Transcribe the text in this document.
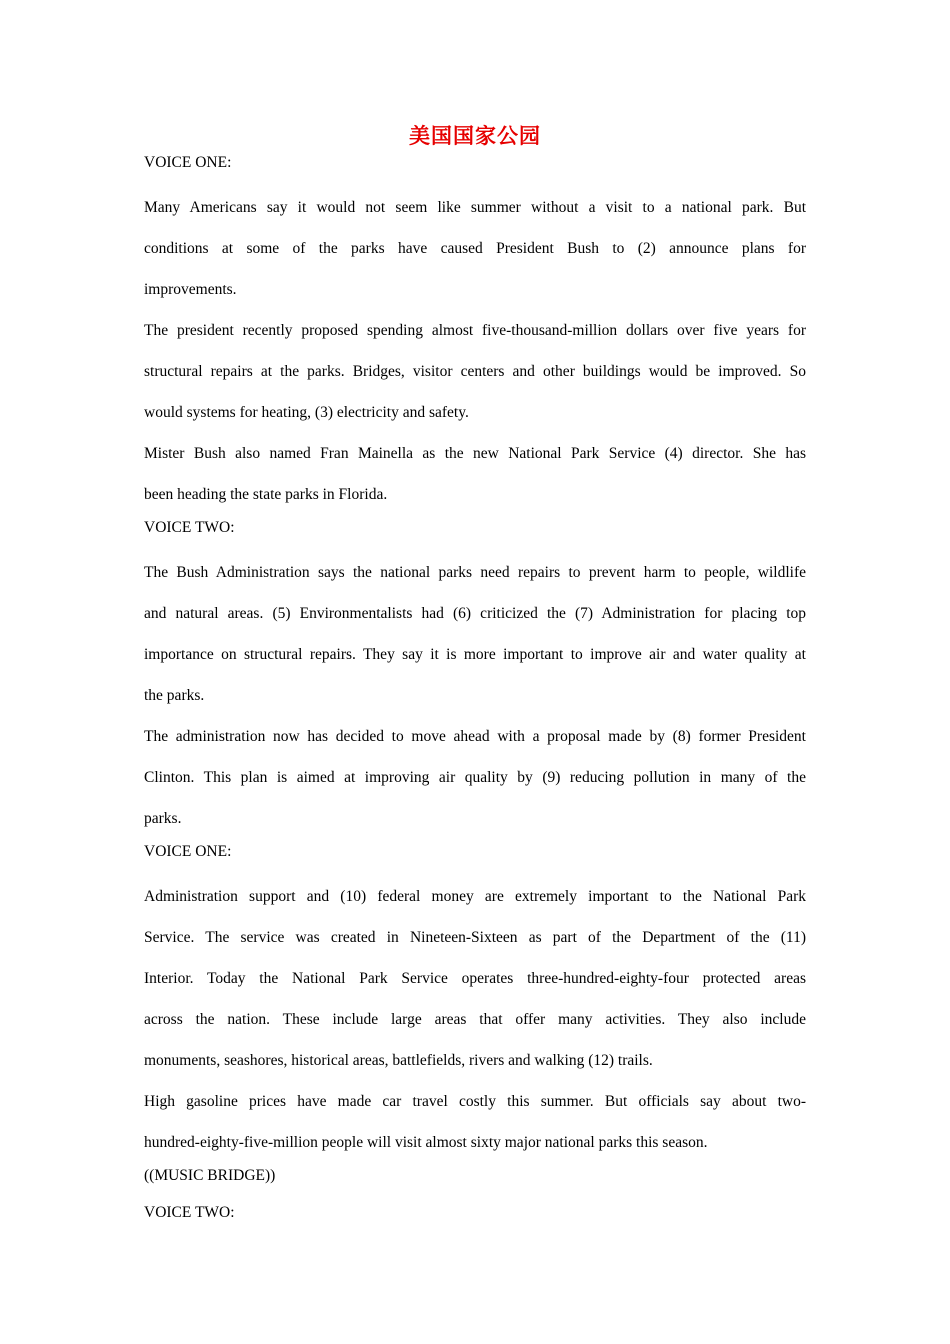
美国国家公园
VOICE ONE:
Many Americans say it would not seem like summer without a visit to a national park. But
conditions at some of the parks have caused President Bush to (2) announce plans for
improvements.
The president recently proposed spending almost five-thousand-million dollars over five years for
structural repairs at the parks. Bridges, visitor centers and other buildings would be improved. So
would systems for heating, (3) electricity and safety.
Mister Bush also named Fran Mainella as the new National Park Service (4) director. She has
been heading the state parks in Florida.
VOICE TWO:
The Bush Administration says the national parks need repairs to prevent harm to people, wildlife
and natural areas. (5) Environmentalists had (6) criticized the (7) Administration for placing top
importance on structural repairs. They say it is more important to improve air and water quality at
the parks.
The administration now has decided to move ahead with a proposal made by (8) former President
Clinton. This plan is aimed at improving air quality by (9) reducing pollution in many of the
parks.
VOICE ONE:
Administration support and (10) federal money are extremely important to the National Park
Service. The service was created in Nineteen-Sixteen as part of the Department of the (11)
Interior. Today the National Park Service operates three-hundred-eighty-four protected areas
across the nation. These include large areas that offer many activities. They also include
monuments, seashores, historical areas, battlefields, rivers and walking (12) trails.
High gasoline prices have made car travel costly this summer. But officials say about two-
hundred-eighty-five-million people will visit almost sixty major national parks this season.
((MUSIC BRIDGE))
VOICE TWO:
